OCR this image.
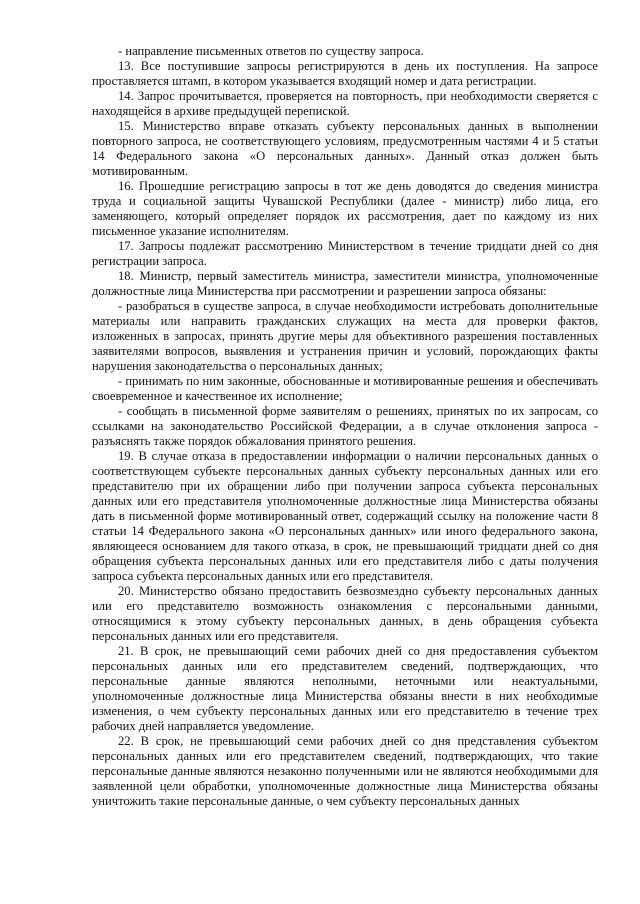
- направление письменных ответов по существу запроса.

13. Все поступившие запросы регистрируются в день их поступления. На запросе проставляется штамп, в котором указывается входящий номер и дата регистрации.

14. Запрос прочитывается, проверяется на повторность, при необходимости сверяется с находящейся в архиве предыдущей перепиской.

15. Министерство вправе отказать субъекту персональных данных в выполнении повторного запроса, не соответствующего условиям, предусмотренным частями 4 и 5 статьи 14 Федерального закона «О персональных данных». Данный отказ должен быть мотивированным.

16. Прошедшие регистрацию запросы в тот же день доводятся до сведения министра труда и социальной защиты Чувашской Республики (далее - министр) либо лица, его заменяющего, который определяет порядок их рассмотрения, дает по каждому из них письменное указание исполнителям.

17. Запросы подлежат рассмотрению Министерством в течение тридцати дней со дня регистрации запроса.

18. Министр, первый заместитель министра, заместители министра, уполномоченные должностные лица Министерства при рассмотрении и разрешении запроса обязаны:

- разобраться в существе запроса, в случае необходимости истребовать дополнительные материалы или направить гражданских служащих на места для проверки фактов, изложенных в запросах, принять другие меры для объективного разрешения поставленных заявителями вопросов, выявления и устранения причин и условий, порождающих факты нарушения законодательства о персональных данных;

- принимать по ним законные, обоснованные и мотивированные решения и обеспечивать своевременное и качественное их исполнение;

- сообщать в письменной форме заявителям о решениях, принятых по их запросам, со ссылками на законодательство Российской Федерации, а в случае отклонения запроса - разъяснять также порядок обжалования принятого решения.

19. В случае отказа в предоставлении информации о наличии персональных данных о соответствующем субъекте персональных данных субъекту персональных данных или его представителю при их обращении либо при получении запроса субъекта персональных данных или его представителя уполномоченные должностные лица Министерства обязаны дать в письменной форме мотивированный ответ, содержащий ссылку на положение части 8 статьи 14 Федерального закона «О персональных данных» или иного федерального закона, являющееся основанием для такого отказа, в срок, не превышающий тридцати дней со дня обращения субъекта персональных данных или его представителя либо с даты получения запроса субъекта персональных данных или его представителя.

20. Министерство обязано предоставить безвозмездно субъекту персональных данных или его представителю возможность ознакомления с персональными данными, относящимися к этому субъекту персональных данных, в день обращения субъекта персональных данных или его представителя.

21. В срок, не превышающий семи рабочих дней со дня предоставления субъектом персональных данных или его представителем сведений, подтверждающих, что персональные данные являются неполными, неточными или неактуальными, уполномоченные должностные лица Министерства обязаны внести в них необходимые изменения, о чем субъекту персональных данных или его представителю в течение трех рабочих дней направляется уведомление.

22. В срок, не превышающий семи рабочих дней со дня представления субъектом персональных данных или его представителем сведений, подтверждающих, что такие персональные данные являются незаконно полученными или не являются необходимыми для заявленной цели обработки, уполномоченные должностные лица Министерства обязаны уничтожить такие персональные данные, о чем субъекту персональных данных
